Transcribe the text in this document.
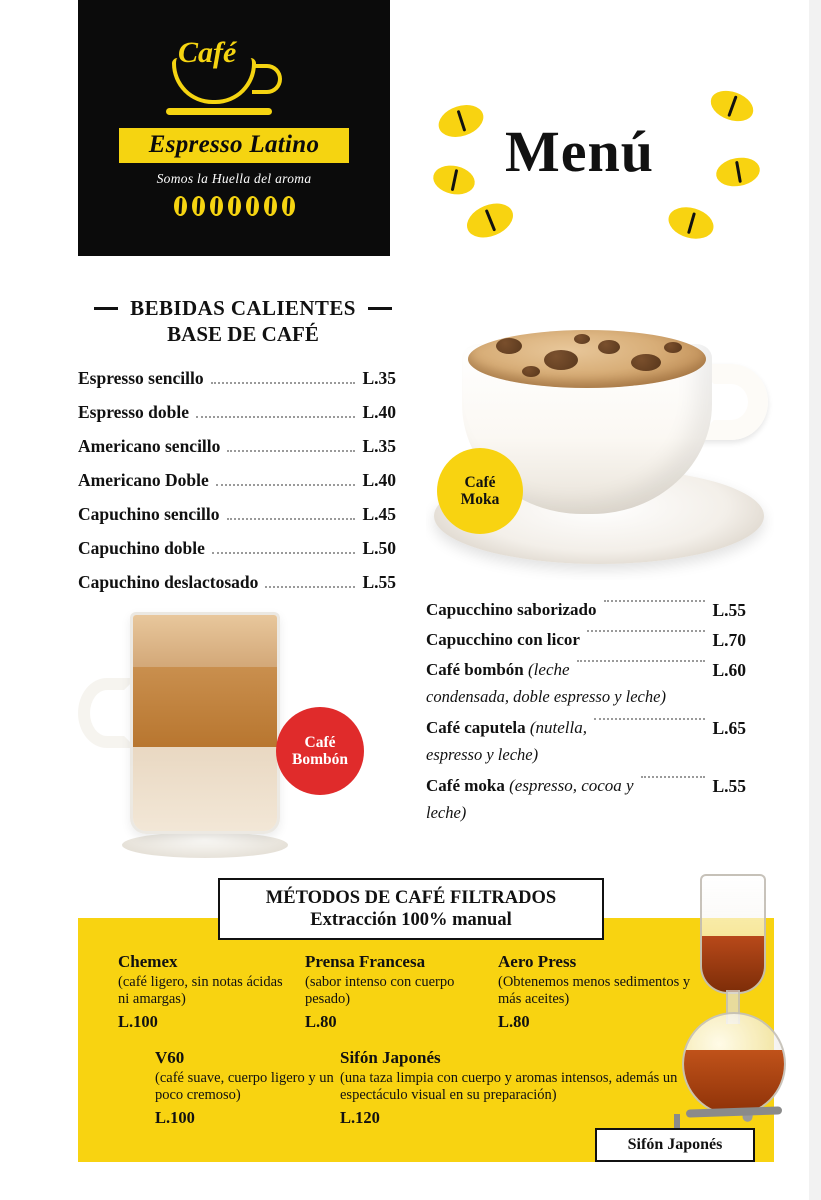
Café
Espresso Latino
Somos la Huella del aroma	Menú
BEBIDAS CALIENTES
BASE DE CAFÉ
Espresso sencillo	L.35
Espresso doble	L.40
Americano sencillo	L.35
Americano Doble	L.40
Capuchino sencillo	L.45
Capuchino doble	L.50
Capuchino deslactosado	L.55
Café
Moka
Capucchino saborizado	L.55
Capucchino con licor	L.70
Café bombón (leche	L.60
condensada, doble espresso y leche)
Café caputela (nutella,	L.65
espresso y leche)
Café moka (espresso, cocoa y	L.55
leche)
Café
Bombón
MÉTODOS DE CAFÉ FILTRADOS
Extracción 100% manual
Chemex
(café ligero, sin notas ácidas ni amargas)
L.100
Prensa Francesa
(sabor intenso con cuerpo pesado)
L.80
Aero Press
(Obtenemos menos sedimentos y más aceites)
L.80
V60
(café suave, cuerpo ligero y un poco cremoso)
L.100
Sifón Japonés
(una taza limpia con cuerpo y aromas intensos, además un espectáculo visual en su preparación)
L.120
Sifón Japonés
